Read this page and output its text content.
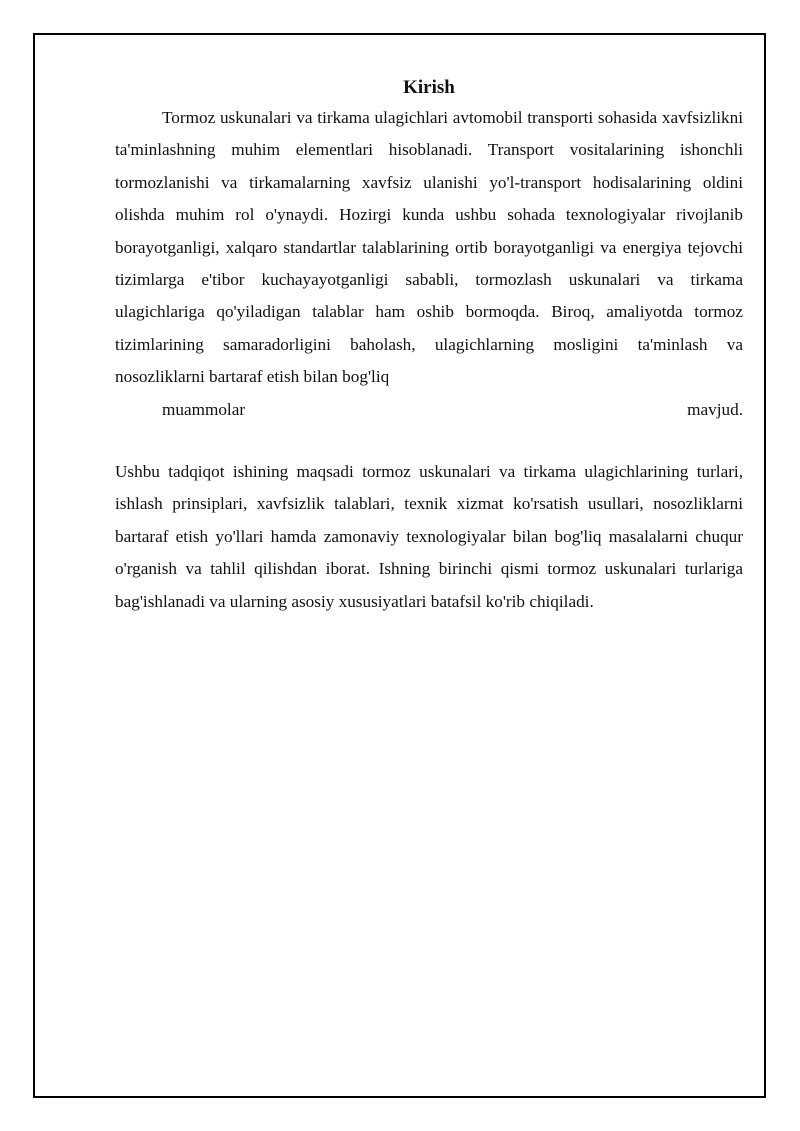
Kirish

Tormoz uskunalari va tirkama ulagichlari avtomobil transporti sohasida xavfsizlikni ta'minlashning muhim elementlari hisoblanadi. Transport vositalarining ishonchli tormozlanishi va tirkamalarning xavfsiz ulanishi yo'l-transport hodisalarining oldini olishda muhim rol o'ynaydi. Hozirgi kunda ushbu sohada texnologiyalar rivojlanib borayotganligi, xalqaro standartlar talablarining ortib borayotganligi va energiya tejovchi tizimlarga e'tibor kuchayayotganligi sababli, tormozlash uskunalari va tirkama ulagichlariga qo'yiladigan talablar ham oshib bormoqda. Biroq, amaliyotda tormoz tizimlarining samaradorligini baholash, ulagichlarning mosligini ta'minlash va nosozliklarni bartaraf etish bilan bog'liq
muammolar mavjud.

Ushbu tadqiqot ishining maqsadi tormoz uskunalari va tirkama ulagichlarining turlari, ishlash prinsiplari, xavfsizlik talablari, texnik xizmat ko'rsatish usullari, nosozliklarni bartaraf etish yo'llari hamda zamonaviy texnologiyalar bilan bog'liq masalalarni chuqur o'rganish va tahlil qilishdan iborat. Ishning birinchi qismi tormoz uskunalari turlariga bag'ishlanadi va ularning asosiy xususiyatlari batafsil ko'rib chiqiladi.
